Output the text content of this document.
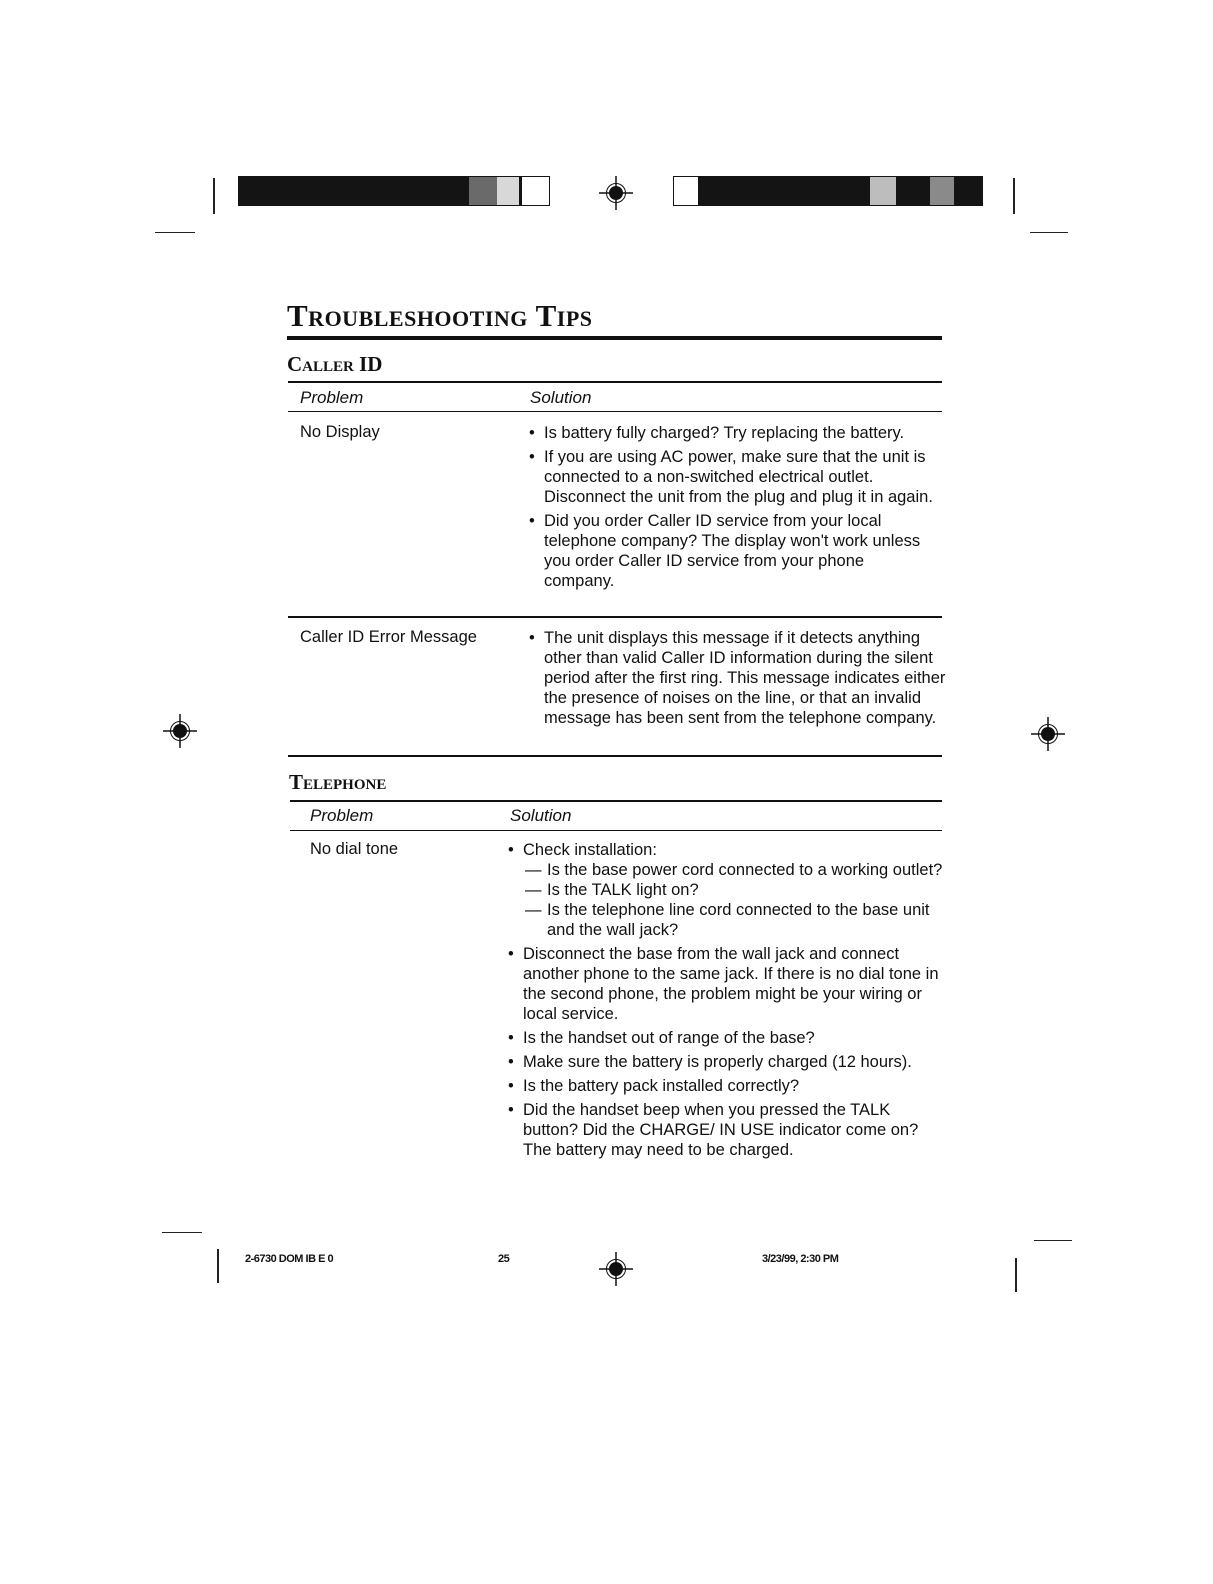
Troubleshooting Tips
Caller ID
Problem	Solution
No Display	• Is battery fully charged? Try replacing the battery.
• If you are using AC power, make sure that the unit is connected to a non-switched electrical outlet. Disconnect the unit from the plug and plug it in again.
• Did you order Caller ID service from your local telephone company? The display won't work unless you order Caller ID service from your phone company.
Caller ID Error Message	• The unit displays this message if it detects anything other than valid Caller ID information during the silent period after the first ring. This message indicates either the presence of noises on the line, or that an invalid message has been sent from the telephone company.
Telephone
Problem	Solution
No dial tone	• Check installation:
— Is the base power cord connected to a working outlet?
— Is the TALK light on?
— Is the telephone line cord connected to the base unit and the wall jack?
• Disconnect the base from the wall jack and connect another phone to the same jack. If there is no dial tone in the second phone, the problem might be your wiring or local service.
• Is the handset out of range of the base?
• Make sure the battery is properly charged (12 hours).
• Is the battery pack installed correctly?
• Did the handset beep when you pressed the TALK button? Did the CHARGE/ IN USE indicator come on? The battery may need to be charged.
2-6730 DOM IB E 0	25	3/23/99, 2:30 PM
